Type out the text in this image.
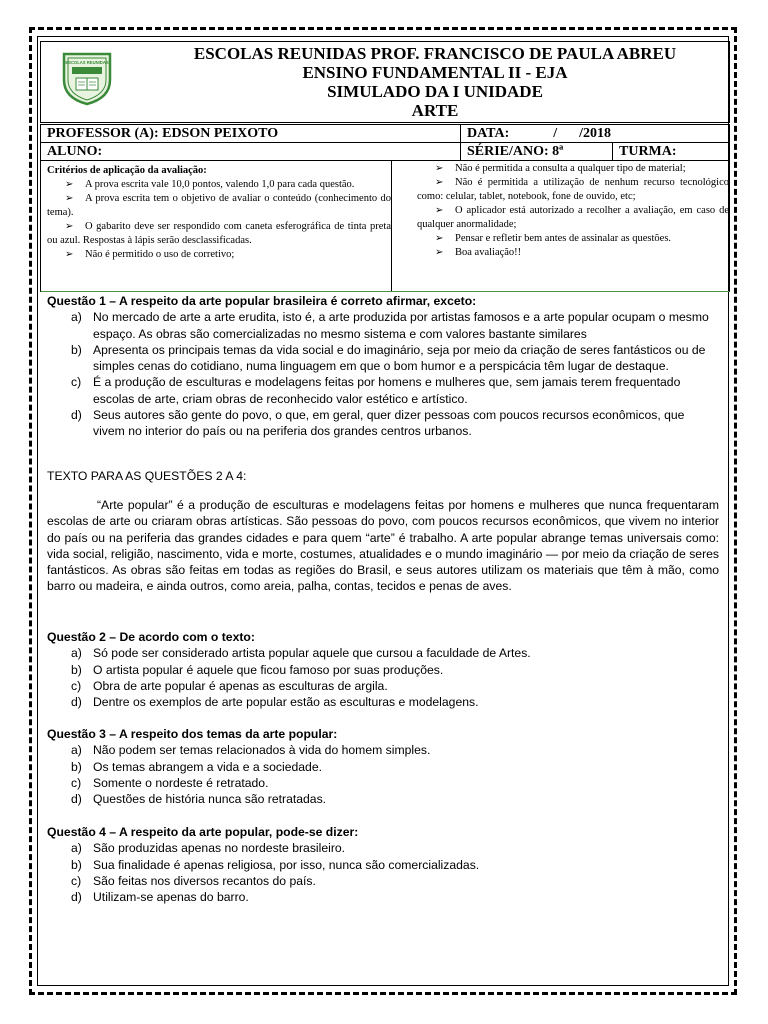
ESCOLAS REUNIDAS	ESCOLAS REUNIDAS PROF. FRANCISCO DE PAULA ABREU
ENSINO FUNDAMENTAL II - EJA
SIMULADO DA I UNIDADE
ARTE
PROFESSOR (A): EDSON PEIXOTO	DATA:	/ /2018
ALUNO:	SÉRIE/ANO: 8ª	TURMA:

Critérios de aplicação da avaliação:

➢ A prova escrita vale 10,0 pontos, valendo 1,0 para cada questão.

➢ A prova escrita tem o objetivo de avaliar o conteúdo (conhecimento do tema).

➢ O gabarito deve ser respondido com caneta esferográfica de tinta preta ou azul. Respostas à lápis serão desclassificadas.

➢ Não é permitido o uso de corretivo;

➢ Não é permitida a consulta a qualquer tipo de material;

➢ Não é permitida a utilização de nenhum recurso tecnológico como: celular, tablet, notebook, fone de ouvido, etc;

➢ O aplicador está autorizado a recolher a avaliação, em caso de qualquer anormalidade;

➢ Pensar e refletir bem antes de assinalar as questões.

➢ Boa avaliação!!

Questão 1 – A respeito da arte popular brasileira é correto afirmar, exceto:

a) No mercado de arte a arte erudita, isto é, a arte produzida por artistas famosos e a arte popular ocupam o mesmo espaço. As obras são comercializadas no mesmo sistema e com valores bastante similares
b) Apresenta os principais temas da vida social e do imaginário, seja por meio da criação de seres fantásticos ou de simples cenas do cotidiano, numa linguagem em que o bom humor e a perspicácia têm lugar de destaque.
c) É a produção de esculturas e modelagens feitas por homens e mulheres que, sem jamais terem frequentado escolas de arte, criam obras de reconhecido valor estético e artístico.
d) Seus autores são gente do povo, o que, em geral, quer dizer pessoas com poucos recursos econômicos, que vivem no interior do país ou na periferia dos grandes centros urbanos.

TEXTO PARA AS QUESTÕES 2 A 4:

“Arte popular” é a produção de esculturas e modelagens feitas por homens e mulheres que nunca frequentaram escolas de arte ou criaram obras artísticas. São pessoas do povo, com poucos recursos econômicos, que vivem no interior do país ou na periferia das grandes cidades e para quem “arte” é trabalho. A arte popular abrange temas universais como: vida social, religião, nascimento, vida e morte, costumes, atualidades e o mundo imaginário — por meio da criação de seres fantásticos. As obras são feitas em todas as regiões do Brasil, e seus autores utilizam os materiais que têm à mão, como barro ou madeira, e ainda outros, como areia, palha, contas, tecidos e penas de aves.

Questão 2 – De acordo com o texto:

a) Só pode ser considerado artista popular aquele que cursou a faculdade de Artes.
b) O artista popular é aquele que ficou famoso por suas produções.
c) Obra de arte popular é apenas as esculturas de argila.
d) Dentre os exemplos de arte popular estão as esculturas e modelagens.

Questão 3 – A respeito dos temas da arte popular:

a) Não podem ser temas relacionados à vida do homem simples.
b) Os temas abrangem a vida e a sociedade.
c) Somente o nordeste é retratado.
d) Questões de história nunca são retratadas.

Questão 4 – A respeito da arte popular, pode-se dizer:

a) São produzidas apenas no nordeste brasileiro.
b) Sua finalidade é apenas religiosa, por isso, nunca são comercializadas.
c) São feitas nos diversos recantos do país.
d) Utilizam-se apenas do barro.
